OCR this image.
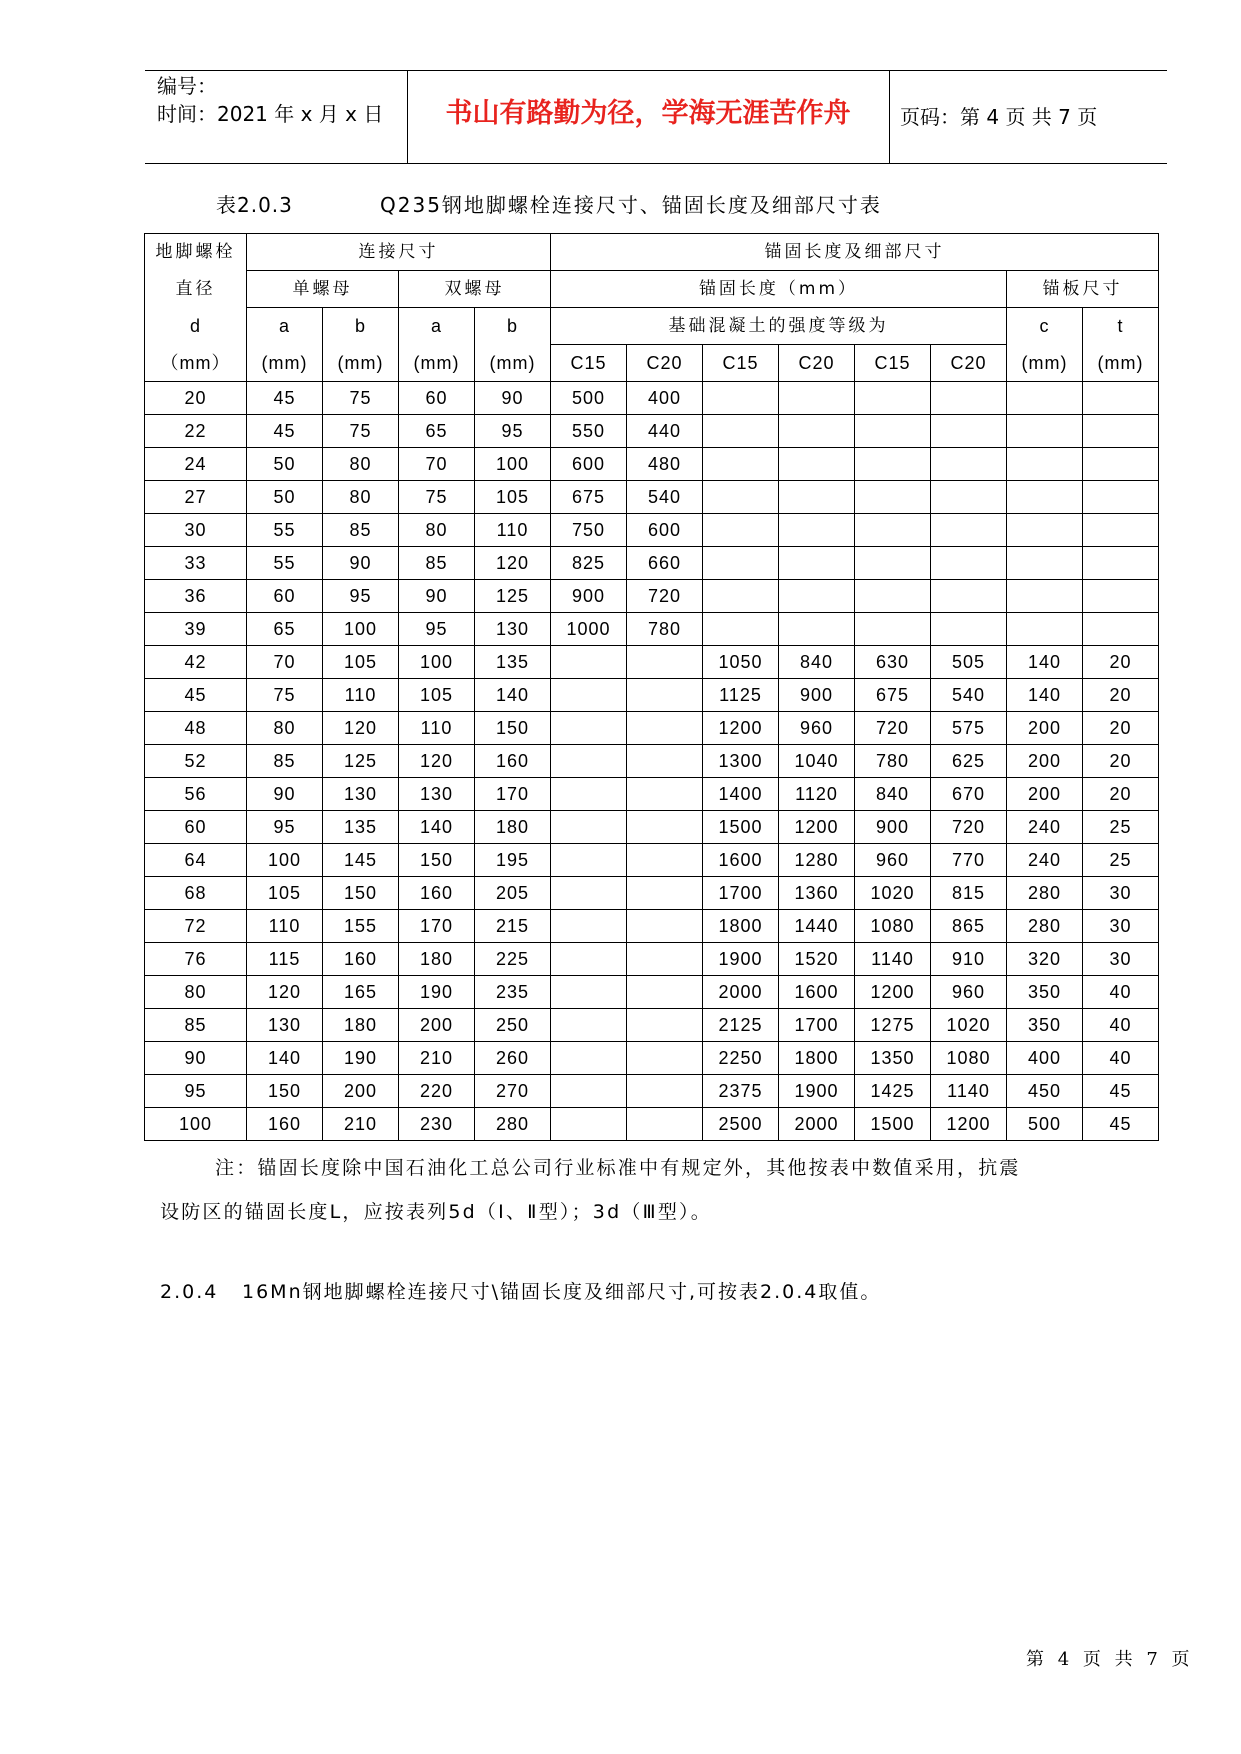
编号：
时间：2021 年 x 月 x 日	书山有路勤为径，学海无涯苦作舟	页码：第 4 页 共 7 页
表2.0.3	Q235钢地脚螺栓连接尺寸、锚固长度及细部尺寸表
地脚螺栓	连接尺寸				锚固长度及细部尺寸							
直径	单螺母		双螺母		锚固长度（mm）						锚板尺寸	
d	a	b	a	b	基础混凝土的强度等级为						c	t
（mm）	(mm)	(mm)	(mm)	(mm)	C15	C20	C15	C20	C15	C20	(mm)	(mm)
20	45	75	60	90	500	400						
22	45	75	65	95	550	440						
24	50	80	70	100	600	480						
27	50	80	75	105	675	540						
30	55	85	80	110	750	600						
33	55	90	85	120	825	660						
36	60	95	90	125	900	720						
39	65	100	95	130	1000	780						
42	70	105	100	135			1050	840	630	505	140	20
45	75	110	105	140			1125	900	675	540	140	20
48	80	120	110	150			1200	960	720	575	200	20
52	85	125	120	160			1300	1040	780	625	200	20
56	90	130	130	170			1400	1120	840	670	200	20
60	95	135	140	180			1500	1200	900	720	240	25
64	100	145	150	195			1600	1280	960	770	240	25
68	105	150	160	205			1700	1360	1020	815	280	30
72	110	155	170	215			1800	1440	1080	865	280	30
76	115	160	180	225			1900	1520	1140	910	320	30
80	120	165	190	235			2000	1600	1200	960	350	40
85	130	180	200	250			2125	1700	1275	1020	350	40
90	140	190	210	260			2250	1800	1350	1080	400	40
95	150	200	220	270			2375	1900	1425	1140	450	45
100	160	210	230	280			2500	2000	1500	1200	500	45
注：锚固长度除中国石油化工总公司行业标准中有规定外，其他按表中数值采用，抗震
设防区的锚固长度L，应按表列5d（Ⅰ、Ⅱ型）；3d（Ⅲ型）。
2.0.4 16Mn钢地脚螺栓连接尺寸\锚固长度及细部尺寸,可按表2.0.4取值。
第 4 页 共 7 页
